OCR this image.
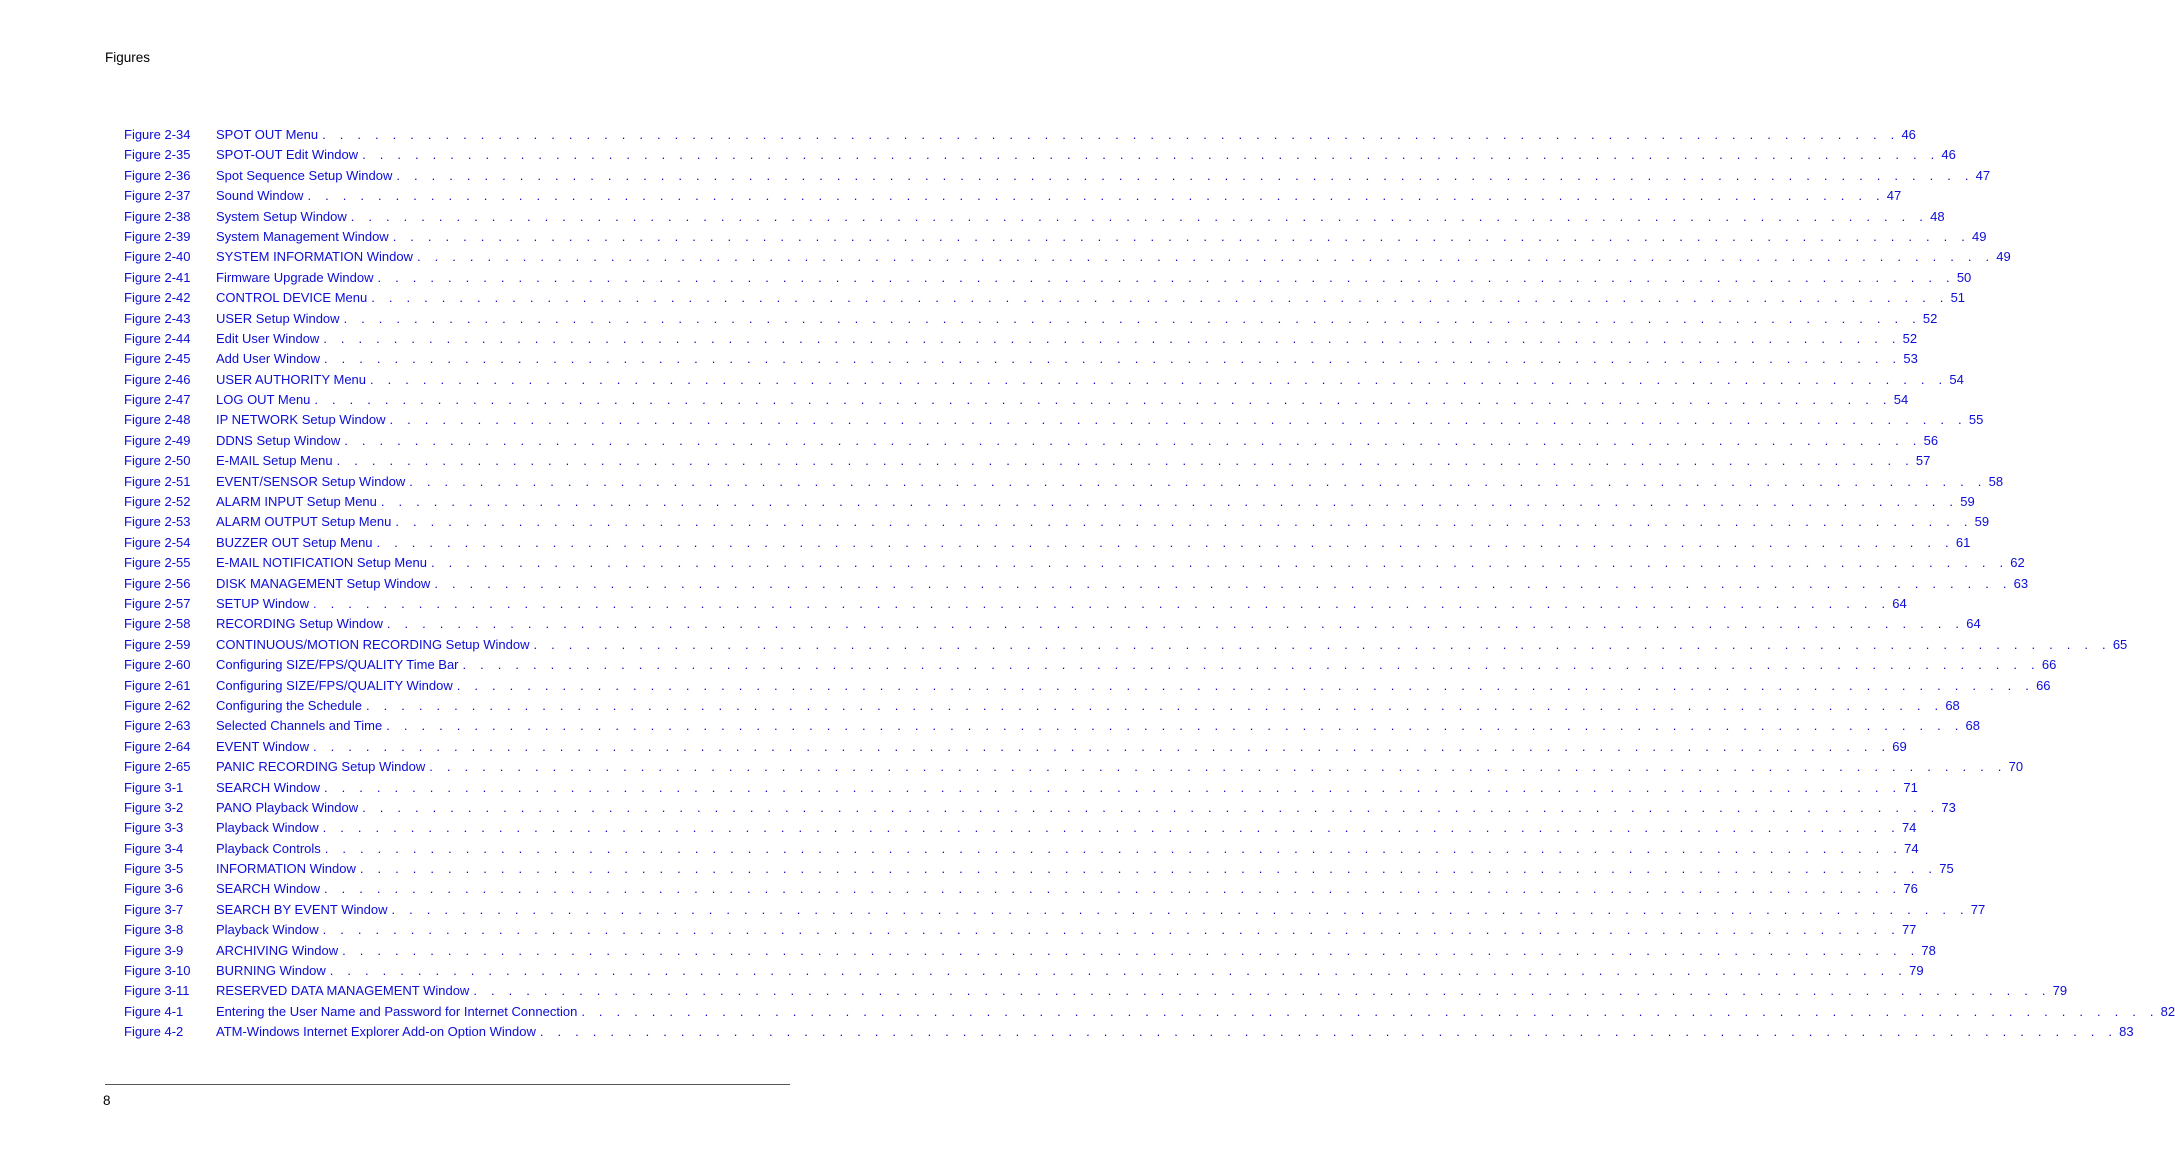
Figures
Figure 2-34	SPOT OUT Menu . . . . . . . . . . . . . . . . . . . . . . . . . . . . . . . . . . . . . . . . . . . . . . . . . . . . . . . . . . . . . . . . . . . . . . . . . . . . . . . . . . . . . . . . . . 46
Figure 2-35	SPOT-OUT Edit Window . . . . . . . . . . . . . . . . . . . . . . . . . . . . . . . . . . . . . . . . . . . . . . . . . . . . . . . . . . . . . . . . . . . . . . . . . . . . . . . . . . . . . . . . . . 46
Figure 2-36	Spot Sequence Setup Window . . . . . . . . . . . . . . . . . . . . . . . . . . . . . . . . . . . . . . . . . . . . . . . . . . . . . . . . . . . . . . . . . . . . . . . . . . . . . . . . . . . . . . . . . . 47
Figure 2-37	Sound Window . . . . . . . . . . . . . . . . . . . . . . . . . . . . . . . . . . . . . . . . . . . . . . . . . . . . . . . . . . . . . . . . . . . . . . . . . . . . . . . . . . . . . . . . . . 47
Figure 2-38	System Setup Window . . . . . . . . . . . . . . . . . . . . . . . . . . . . . . . . . . . . . . . . . . . . . . . . . . . . . . . . . . . . . . . . . . . . . . . . . . . . . . . . . . . . . . . . . . 48
Figure 2-39	System Management Window . . . . . . . . . . . . . . . . . . . . . . . . . . . . . . . . . . . . . . . . . . . . . . . . . . . . . . . . . . . . . . . . . . . . . . . . . . . . . . . . . . . . . . . . . . 49
Figure 2-40	SYSTEM INFORMATION Window . . . . . . . . . . . . . . . . . . . . . . . . . . . . . . . . . . . . . . . . . . . . . . . . . . . . . . . . . . . . . . . . . . . . . . . . . . . . . . . . . . . . . . . . . . 49
Figure 2-41	Firmware Upgrade Window . . . . . . . . . . . . . . . . . . . . . . . . . . . . . . . . . . . . . . . . . . . . . . . . . . . . . . . . . . . . . . . . . . . . . . . . . . . . . . . . . . . . . . . . . . 50
Figure 2-42	CONTROL DEVICE Menu . . . . . . . . . . . . . . . . . . . . . . . . . . . . . . . . . . . . . . . . . . . . . . . . . . . . . . . . . . . . . . . . . . . . . . . . . . . . . . . . . . . . . . . . . . 51
Figure 2-43	USER Setup Window . . . . . . . . . . . . . . . . . . . . . . . . . . . . . . . . . . . . . . . . . . . . . . . . . . . . . . . . . . . . . . . . . . . . . . . . . . . . . . . . . . . . . . . . . . 52
Figure 2-44	Edit User Window . . . . . . . . . . . . . . . . . . . . . . . . . . . . . . . . . . . . . . . . . . . . . . . . . . . . . . . . . . . . . . . . . . . . . . . . . . . . . . . . . . . . . . . . . . 52
Figure 2-45	Add User Window . . . . . . . . . . . . . . . . . . . . . . . . . . . . . . . . . . . . . . . . . . . . . . . . . . . . . . . . . . . . . . . . . . . . . . . . . . . . . . . . . . . . . . . . . . 53
Figure 2-46	USER AUTHORITY Menu . . . . . . . . . . . . . . . . . . . . . . . . . . . . . . . . . . . . . . . . . . . . . . . . . . . . . . . . . . . . . . . . . . . . . . . . . . . . . . . . . . . . . . . . . . 54
Figure 2-47	LOG OUT Menu . . . . . . . . . . . . . . . . . . . . . . . . . . . . . . . . . . . . . . . . . . . . . . . . . . . . . . . . . . . . . . . . . . . . . . . . . . . . . . . . . . . . . . . . . . 54
Figure 2-48	IP NETWORK Setup Window . . . . . . . . . . . . . . . . . . . . . . . . . . . . . . . . . . . . . . . . . . . . . . . . . . . . . . . . . . . . . . . . . . . . . . . . . . . . . . . . . . . . . . . . . . 55
Figure 2-49	DDNS Setup Window . . . . . . . . . . . . . . . . . . . . . . . . . . . . . . . . . . . . . . . . . . . . . . . . . . . . . . . . . . . . . . . . . . . . . . . . . . . . . . . . . . . . . . . . . . 56
Figure 2-50	E-MAIL Setup Menu . . . . . . . . . . . . . . . . . . . . . . . . . . . . . . . . . . . . . . . . . . . . . . . . . . . . . . . . . . . . . . . . . . . . . . . . . . . . . . . . . . . . . . . . . . 57
Figure 2-51	EVENT/SENSOR Setup Window . . . . . . . . . . . . . . . . . . . . . . . . . . . . . . . . . . . . . . . . . . . . . . . . . . . . . . . . . . . . . . . . . . . . . . . . . . . . . . . . . . . . . . . . . . 58
Figure 2-52	ALARM INPUT Setup Menu . . . . . . . . . . . . . . . . . . . . . . . . . . . . . . . . . . . . . . . . . . . . . . . . . . . . . . . . . . . . . . . . . . . . . . . . . . . . . . . . . . . . . . . . . . 59
Figure 2-53	ALARM OUTPUT Setup Menu . . . . . . . . . . . . . . . . . . . . . . . . . . . . . . . . . . . . . . . . . . . . . . . . . . . . . . . . . . . . . . . . . . . . . . . . . . . . . . . . . . . . . . . . . . 59
Figure 2-54	BUZZER OUT Setup Menu . . . . . . . . . . . . . . . . . . . . . . . . . . . . . . . . . . . . . . . . . . . . . . . . . . . . . . . . . . . . . . . . . . . . . . . . . . . . . . . . . . . . . . . . . . 61
Figure 2-55	E-MAIL NOTIFICATION Setup Menu . . . . . . . . . . . . . . . . . . . . . . . . . . . . . . . . . . . . . . . . . . . . . . . . . . . . . . . . . . . . . . . . . . . . . . . . . . . . . . . . . . . . . . . . . . 62
Figure 2-56	DISK MANAGEMENT Setup Window . . . . . . . . . . . . . . . . . . . . . . . . . . . . . . . . . . . . . . . . . . . . . . . . . . . . . . . . . . . . . . . . . . . . . . . . . . . . . . . . . . . . . . . . . . 63
Figure 2-57	SETUP Window . . . . . . . . . . . . . . . . . . . . . . . . . . . . . . . . . . . . . . . . . . . . . . . . . . . . . . . . . . . . . . . . . . . . . . . . . . . . . . . . . . . . . . . . . . 64
Figure 2-58	RECORDING Setup Window . . . . . . . . . . . . . . . . . . . . . . . . . . . . . . . . . . . . . . . . . . . . . . . . . . . . . . . . . . . . . . . . . . . . . . . . . . . . . . . . . . . . . . . . . . 64
Figure 2-59	CONTINUOUS/MOTION RECORDING Setup Window . . . . . . . . . . . . . . . . . . . . . . . . . . . . . . . . . . . . . . . . . . . . . . . . . . . . . . . . . . . . . . . . . . . . . . . . . . . . . . . . . . . . . . . . . . 65
Figure 2-60	Configuring SIZE/FPS/QUALITY Time Bar . . . . . . . . . . . . . . . . . . . . . . . . . . . . . . . . . . . . . . . . . . . . . . . . . . . . . . . . . . . . . . . . . . . . . . . . . . . . . . . . . . . . . . . . . . 66
Figure 2-61	Configuring SIZE/FPS/QUALITY Window . . . . . . . . . . . . . . . . . . . . . . . . . . . . . . . . . . . . . . . . . . . . . . . . . . . . . . . . . . . . . . . . . . . . . . . . . . . . . . . . . . . . . . . . . . 66
Figure 2-62	Configuring the Schedule . . . . . . . . . . . . . . . . . . . . . . . . . . . . . . . . . . . . . . . . . . . . . . . . . . . . . . . . . . . . . . . . . . . . . . . . . . . . . . . . . . . . . . . . . . 68
Figure 2-63	Selected Channels and Time . . . . . . . . . . . . . . . . . . . . . . . . . . . . . . . . . . . . . . . . . . . . . . . . . . . . . . . . . . . . . . . . . . . . . . . . . . . . . . . . . . . . . . . . . . 68
Figure 2-64	EVENT Window . . . . . . . . . . . . . . . . . . . . . . . . . . . . . . . . . . . . . . . . . . . . . . . . . . . . . . . . . . . . . . . . . . . . . . . . . . . . . . . . . . . . . . . . . . 69
Figure 2-65	PANIC RECORDING Setup Window . . . . . . . . . . . . . . . . . . . . . . . . . . . . . . . . . . . . . . . . . . . . . . . . . . . . . . . . . . . . . . . . . . . . . . . . . . . . . . . . . . . . . . . . . . 70
Figure 3-1	SEARCH Window . . . . . . . . . . . . . . . . . . . . . . . . . . . . . . . . . . . . . . . . . . . . . . . . . . . . . . . . . . . . . . . . . . . . . . . . . . . . . . . . . . . . . . . . . . 71
Figure 3-2	PANO Playback Window . . . . . . . . . . . . . . . . . . . . . . . . . . . . . . . . . . . . . . . . . . . . . . . . . . . . . . . . . . . . . . . . . . . . . . . . . . . . . . . . . . . . . . . . . . 73
Figure 3-3	Playback Window . . . . . . . . . . . . . . . . . . . . . . . . . . . . . . . . . . . . . . . . . . . . . . . . . . . . . . . . . . . . . . . . . . . . . . . . . . . . . . . . . . . . . . . . . . 74
Figure 3-4	Playback Controls . . . . . . . . . . . . . . . . . . . . . . . . . . . . . . . . . . . . . . . . . . . . . . . . . . . . . . . . . . . . . . . . . . . . . . . . . . . . . . . . . . . . . . . . . . 74
Figure 3-5	INFORMATION Window . . . . . . . . . . . . . . . . . . . . . . . . . . . . . . . . . . . . . . . . . . . . . . . . . . . . . . . . . . . . . . . . . . . . . . . . . . . . . . . . . . . . . . . . . . 75
Figure 3-6	SEARCH Window . . . . . . . . . . . . . . . . . . . . . . . . . . . . . . . . . . . . . . . . . . . . . . . . . . . . . . . . . . . . . . . . . . . . . . . . . . . . . . . . . . . . . . . . . . 76
Figure 3-7	SEARCH BY EVENT Window . . . . . . . . . . . . . . . . . . . . . . . . . . . . . . . . . . . . . . . . . . . . . . . . . . . . . . . . . . . . . . . . . . . . . . . . . . . . . . . . . . . . . . . . . . 77
Figure 3-8	Playback Window . . . . . . . . . . . . . . . . . . . . . . . . . . . . . . . . . . . . . . . . . . . . . . . . . . . . . . . . . . . . . . . . . . . . . . . . . . . . . . . . . . . . . . . . . . 77
Figure 3-9	ARCHIVING Window . . . . . . . . . . . . . . . . . . . . . . . . . . . . . . . . . . . . . . . . . . . . . . . . . . . . . . . . . . . . . . . . . . . . . . . . . . . . . . . . . . . . . . . . . . 78
Figure 3-10	BURNING Window . . . . . . . . . . . . . . . . . . . . . . . . . . . . . . . . . . . . . . . . . . . . . . . . . . . . . . . . . . . . . . . . . . . . . . . . . . . . . . . . . . . . . . . . . . 79
Figure 3-11	RESERVED DATA MANAGEMENT Window . . . . . . . . . . . . . . . . . . . . . . . . . . . . . . . . . . . . . . . . . . . . . . . . . . . . . . . . . . . . . . . . . . . . . . . . . . . . . . . . . . . . . . . . . . 79
Figure 4-1	Entering the User Name and Password for Internet Connection . . . . . . . . . . . . . . . . . . . . . . . . . . . . . . . . . . . . . . . . . . . . . . . . . . . . . . . . . . . . . . . . . . . . . . . . . . . . . . . . . . . . . . . . . . 82
Figure 4-2	ATM-Windows Internet Explorer Add-on Option Window . . . . . . . . . . . . . . . . . . . . . . . . . . . . . . . . . . . . . . . . . . . . . . . . . . . . . . . . . . . . . . . . . . . . . . . . . . . . . . . . . . . . . . . . . . 83
8
